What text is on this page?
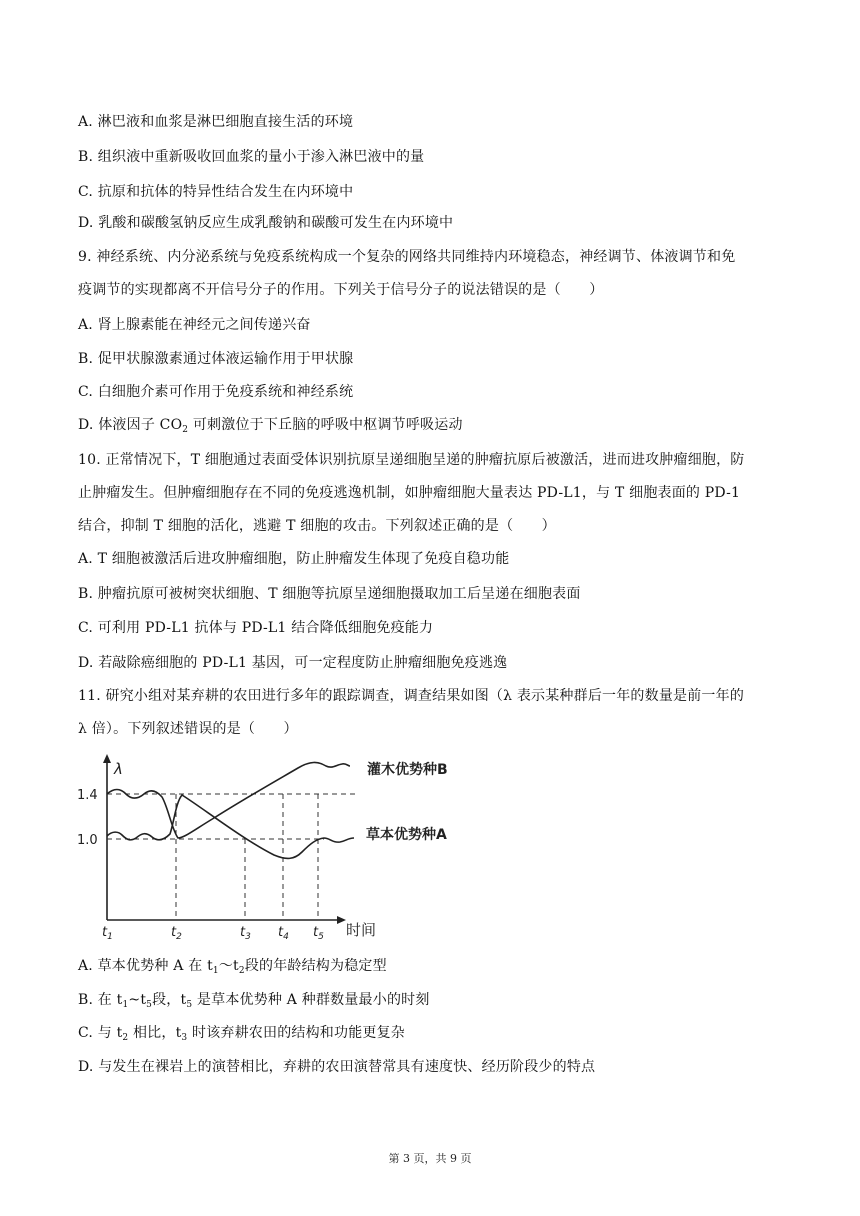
A. 淋巴液和血浆是淋巴细胞直接生活的环境
B. 组织液中重新吸收回血浆的量小于渗入淋巴液中的量
C. 抗原和抗体的特异性结合发生在内环境中
D. 乳酸和碳酸氢钠反应生成乳酸钠和碳酸可发生在内环境中
9. 神经系统、内分泌系统与免疫系统构成一个复杂的网络共同维持内环境稳态，神经调节、体液调节和免
疫调节的实现都离不开信号分子的作用。下列关于信号分子的说法错误的是（　　）
A. 肾上腺素能在神经元之间传递兴奋
B. 促甲状腺激素通过体液运输作用于甲状腺
C. 白细胞介素可作用于免疫系统和神经系统
D. 体液因子 $CO_2$ 可刺激位于下丘脑的呼吸中枢调节呼吸运动
10. 正常情况下，T 细胞通过表面受体识别抗原呈递细胞呈递的肿瘤抗原后被激活，进而进攻肿瘤细胞，防
止肿瘤发生。但肿瘤细胞存在不同的免疫逃逸机制，如肿瘤细胞大量表达 PD-L1，与 T 细胞表面的 PD-1
结合，抑制 T 细胞的活化，逃避 T 细胞的攻击。下列叙述正确的是（　　）
A. T 细胞被激活后进攻肿瘤细胞，防止肿瘤发生体现了免疫自稳功能
B. 肿瘤抗原可被树突状细胞、T 细胞等抗原呈递细胞摄取加工后呈递在细胞表面
C. 可利用 PD-L1 抗体与 PD-L1 结合降低细胞免疫能力
D. 若敲除癌细胞的 PD-L1 基因，可一定程度防止肿瘤细胞免疫逃逸
11. 研究小组对某弃耕的农田进行多年的跟踪调查，调查结果如图（λ 表示某种群后一年的数量是前一年的
λ 倍）。下列叙述错误的是（　　）
λ
1.4
1.0
时间
$t_1$	$t_2$	$t_3$ $t_4$ $t_5$
灌木优势种B
草本优势种A
A. 草本优势种 A 在 $t_1\sim t_2$段的年龄结构为稳定型
B. 在 $t_1\sim t_5$段，$t_5$ 是草本优势种 A 种群数量最小的时刻
C. 与 $t_2$ 相比，$t_3$ 时该弃耕农田的结构和功能更复杂
D. 与发生在裸岩上的演替相比，弃耕的农田演替常具有速度快、经历阶段少的特点
第 3 页，共 9 页
